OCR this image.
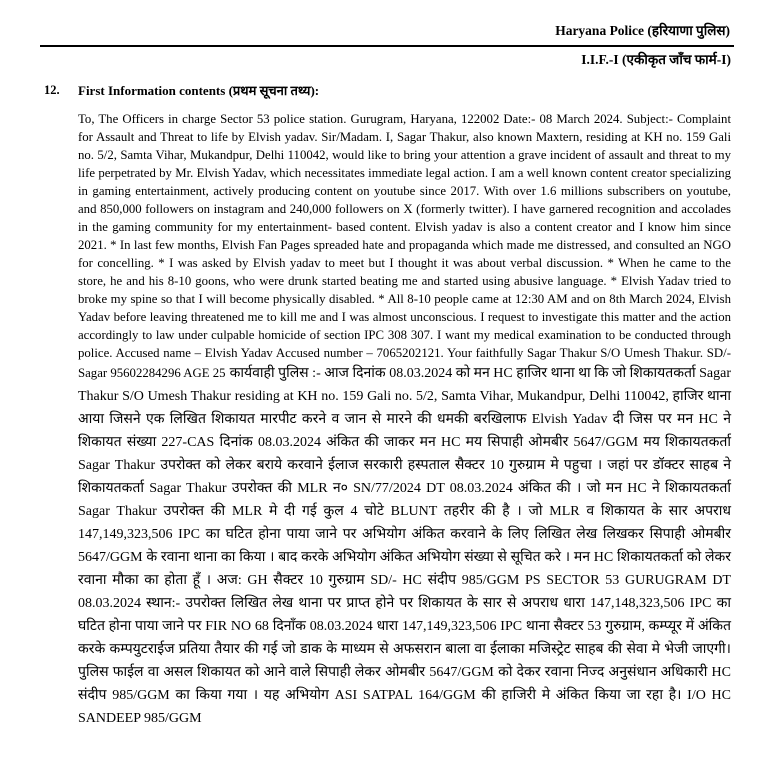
Haryana Police (हरियाणा पुलिस)
I.I.F.-I (एकीकृत जाँच फार्म-I)
12.	First Information contents (प्रथम सूचना तथ्य):

To, The Officers in charge Sector 53 police station. Gurugram, Haryana, 122002 Date:- 08 March 2024. Subject:- Complaint for Assault and Threat to life by Elvish yadav. Sir/Madam. I, Sagar Thakur, also known Maxtern, residing at KH no. 159 Gali no. 5/2, Samta Vihar, Mukandpur, Delhi 110042, would like to bring your attention a grave incident of assault and threat to my life perpetrated by Mr. Elvish Yadav, which necessitates immediate legal action. I am a well known content creator specializing in gaming entertainment, actively producing content on youtube since 2017. With over 1.6 millions subscribers on youtube, and 850,000 followers on instagram and 240,000 followers on X (formerly twitter). I have garnered recognition and accolades in the gaming community for my entertainment- based content. Elvish yadav is also a content creator and I know him since 2021. * In last few months, Elvish Fan Pages spreaded hate and propaganda which made me distressed, and consulted an NGO for concelling. * I was asked by Elvish yadav to meet but I thought it was about verbal discussion. * When he came to the store, he and his 8-10 goons, who were drunk started beating me and started using abusive language. * Elvish Yadav tried to broke my spine so that I will become physically disabled. * All 8-10 people came at 12:30 AM and on 8th March 2024, Elvish Yadav before leaving threatened me to kill me and I was almost unconscious. I request to investigate this matter and the action accordingly to law under culpable homicide of section IPC 308 307. I want my medical examination to be conducted through police. Accused name – Elvish Yadav Accused number – 7065202121. Your faithfully Sagar Thakur S/O Umesh Thakur. SD/- Sagar 95602284296 AGE 25 कार्यवाही पुलिस :- आज दिनांक 08.03.2024 को मन HC हाजिर थाना था कि जो शिकायतकर्ता Sagar Thakur S/O Umesh Thakur residing at KH no. 159 Gali no. 5/2, Samta Vihar, Mukandpur, Delhi 110042, हाजिर थाना आया जिसने एक लिखित शिकायत मारपीट करने व जान से मारने की धमकी बरखिलाफ Elvish Yadav दी जिस पर मन HC ने शिकायत संख्या 227-CAS दिनांक 08.03.2024 अंकित की जाकर मन HC मय सिपाही ओमबीर 5647/GGM मय शिकायतकर्ता Sagar Thakur उपरोक्त को लेकर बराये करवाने ईलाज सरकारी हस्पताल सैक्टर 10 गुरुग्राम मे पहुचा । जहां पर डॉक्टर साहब ने शिकायतकर्ता Sagar Thakur उपरोक्त की MLR न० SN/77/2024 DT 08.03.2024 अंकित की । जो मन HC ने शिकायतकर्ता Sagar Thakur उपरोक्त की MLR मे दी गई कुल 4 चोटे BLUNT तहरीर की है । जो MLR व शिकायत के सार अपराध 147,149,323,506 IPC का घटित होना पाया जाने पर अभियोग अंकित करवाने के लिए लिखित लेख लिखकर सिपाही ओमबीर 5647/GGM के रवाना थाना का किया । बाद करके अभियोग अंकित अभियोग संख्या से सूचित करे । मन HC शिकायतकर्ता को लेकर रवाना मौका का होता हूँ । अज: GH सैक्टर 10 गुरुग्राम SD/- HC संदीप 985/GGM PS SECTOR 53 GURUGRAM DT 08.03.2024 स्थान:- उपरोक्त लिखित लेख थाना पर प्राप्त होने पर शिकायत के सार से अपराध धारा 147,148,323,506 IPC का घटित होना पाया जाने पर FIR NO 68 दिनाँक 08.03.2024 धारा 147,149,323,506 IPC थाना सैक्टर 53 गुरुग्राम, कम्प्यूर में अंकित करके कम्पयुटराईज प्रतिया तैयार की गई जो डाक के माध्यम से अफसरान बाला वा ईलाका मजिस्ट्रेट साहब की सेवा मे भेजी जाएगी। पुलिस फाईल वा असल शिकायत को आने वाले सिपाही लेकर ओमबीर 5647/GGM को देकर रवाना निज्द अनुसंधान अधिकारी HC संदीप 985/GGM का किया गया । यह अभियोग ASI SATPAL 164/GGM की हाजिरी मे अंकित किया जा रहा है। I/O HC SANDEEP 985/GGM
